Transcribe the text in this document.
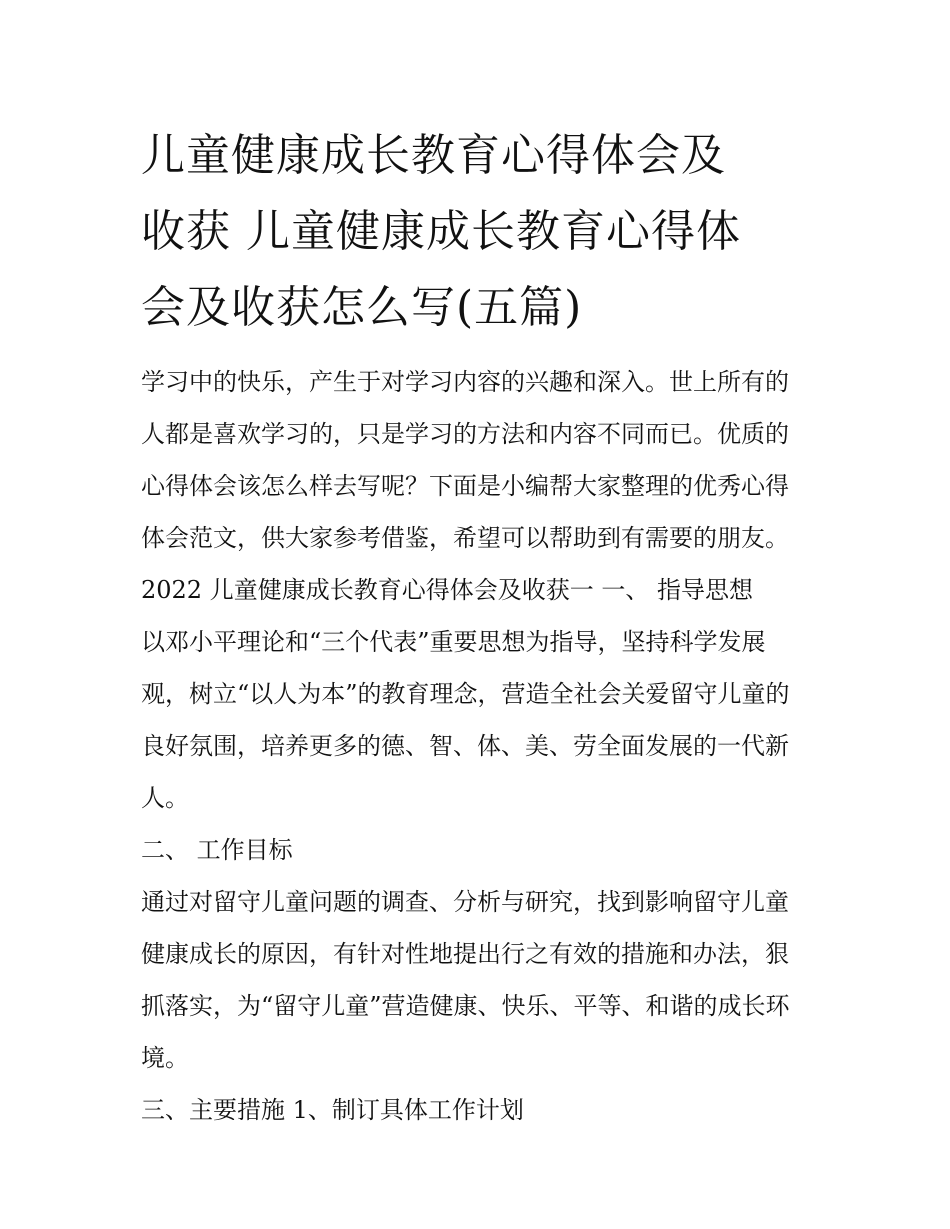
儿童健康成长教育心得体会及
收获 儿童健康成长教育心得体
会及收获怎么写(五篇)

学习中的快乐，产生于对学习内容的兴趣和深入。世上所有的
人都是喜欢学习的，只是学习的方法和内容不同而已。优质的
心得体会该怎么样去写呢？下面是小编帮大家整理的优秀心得
体会范文，供大家参考借鉴，希望可以帮助到有需要的朋友。

2022 儿童健康成长教育心得体会及收获一 一、 指导思想

以邓小平理论和“三个代表”重要思想为指导，坚持科学发展
观，树立“以人为本”的教育理念，营造全社会关爱留守儿童的
良好氛围，培养更多的德、智、体、美、劳全面发展的一代新
人。

二、 工作目标

通过对留守儿童问题的调查、分析与研究，找到影响留守儿童
健康成长的原因，有针对性地提出行之有效的措施和办法，狠
抓落实，为“留守儿童”营造健康、快乐、平等、和谐的成长环
境。

三、主要措施 1、制订具体工作计划
